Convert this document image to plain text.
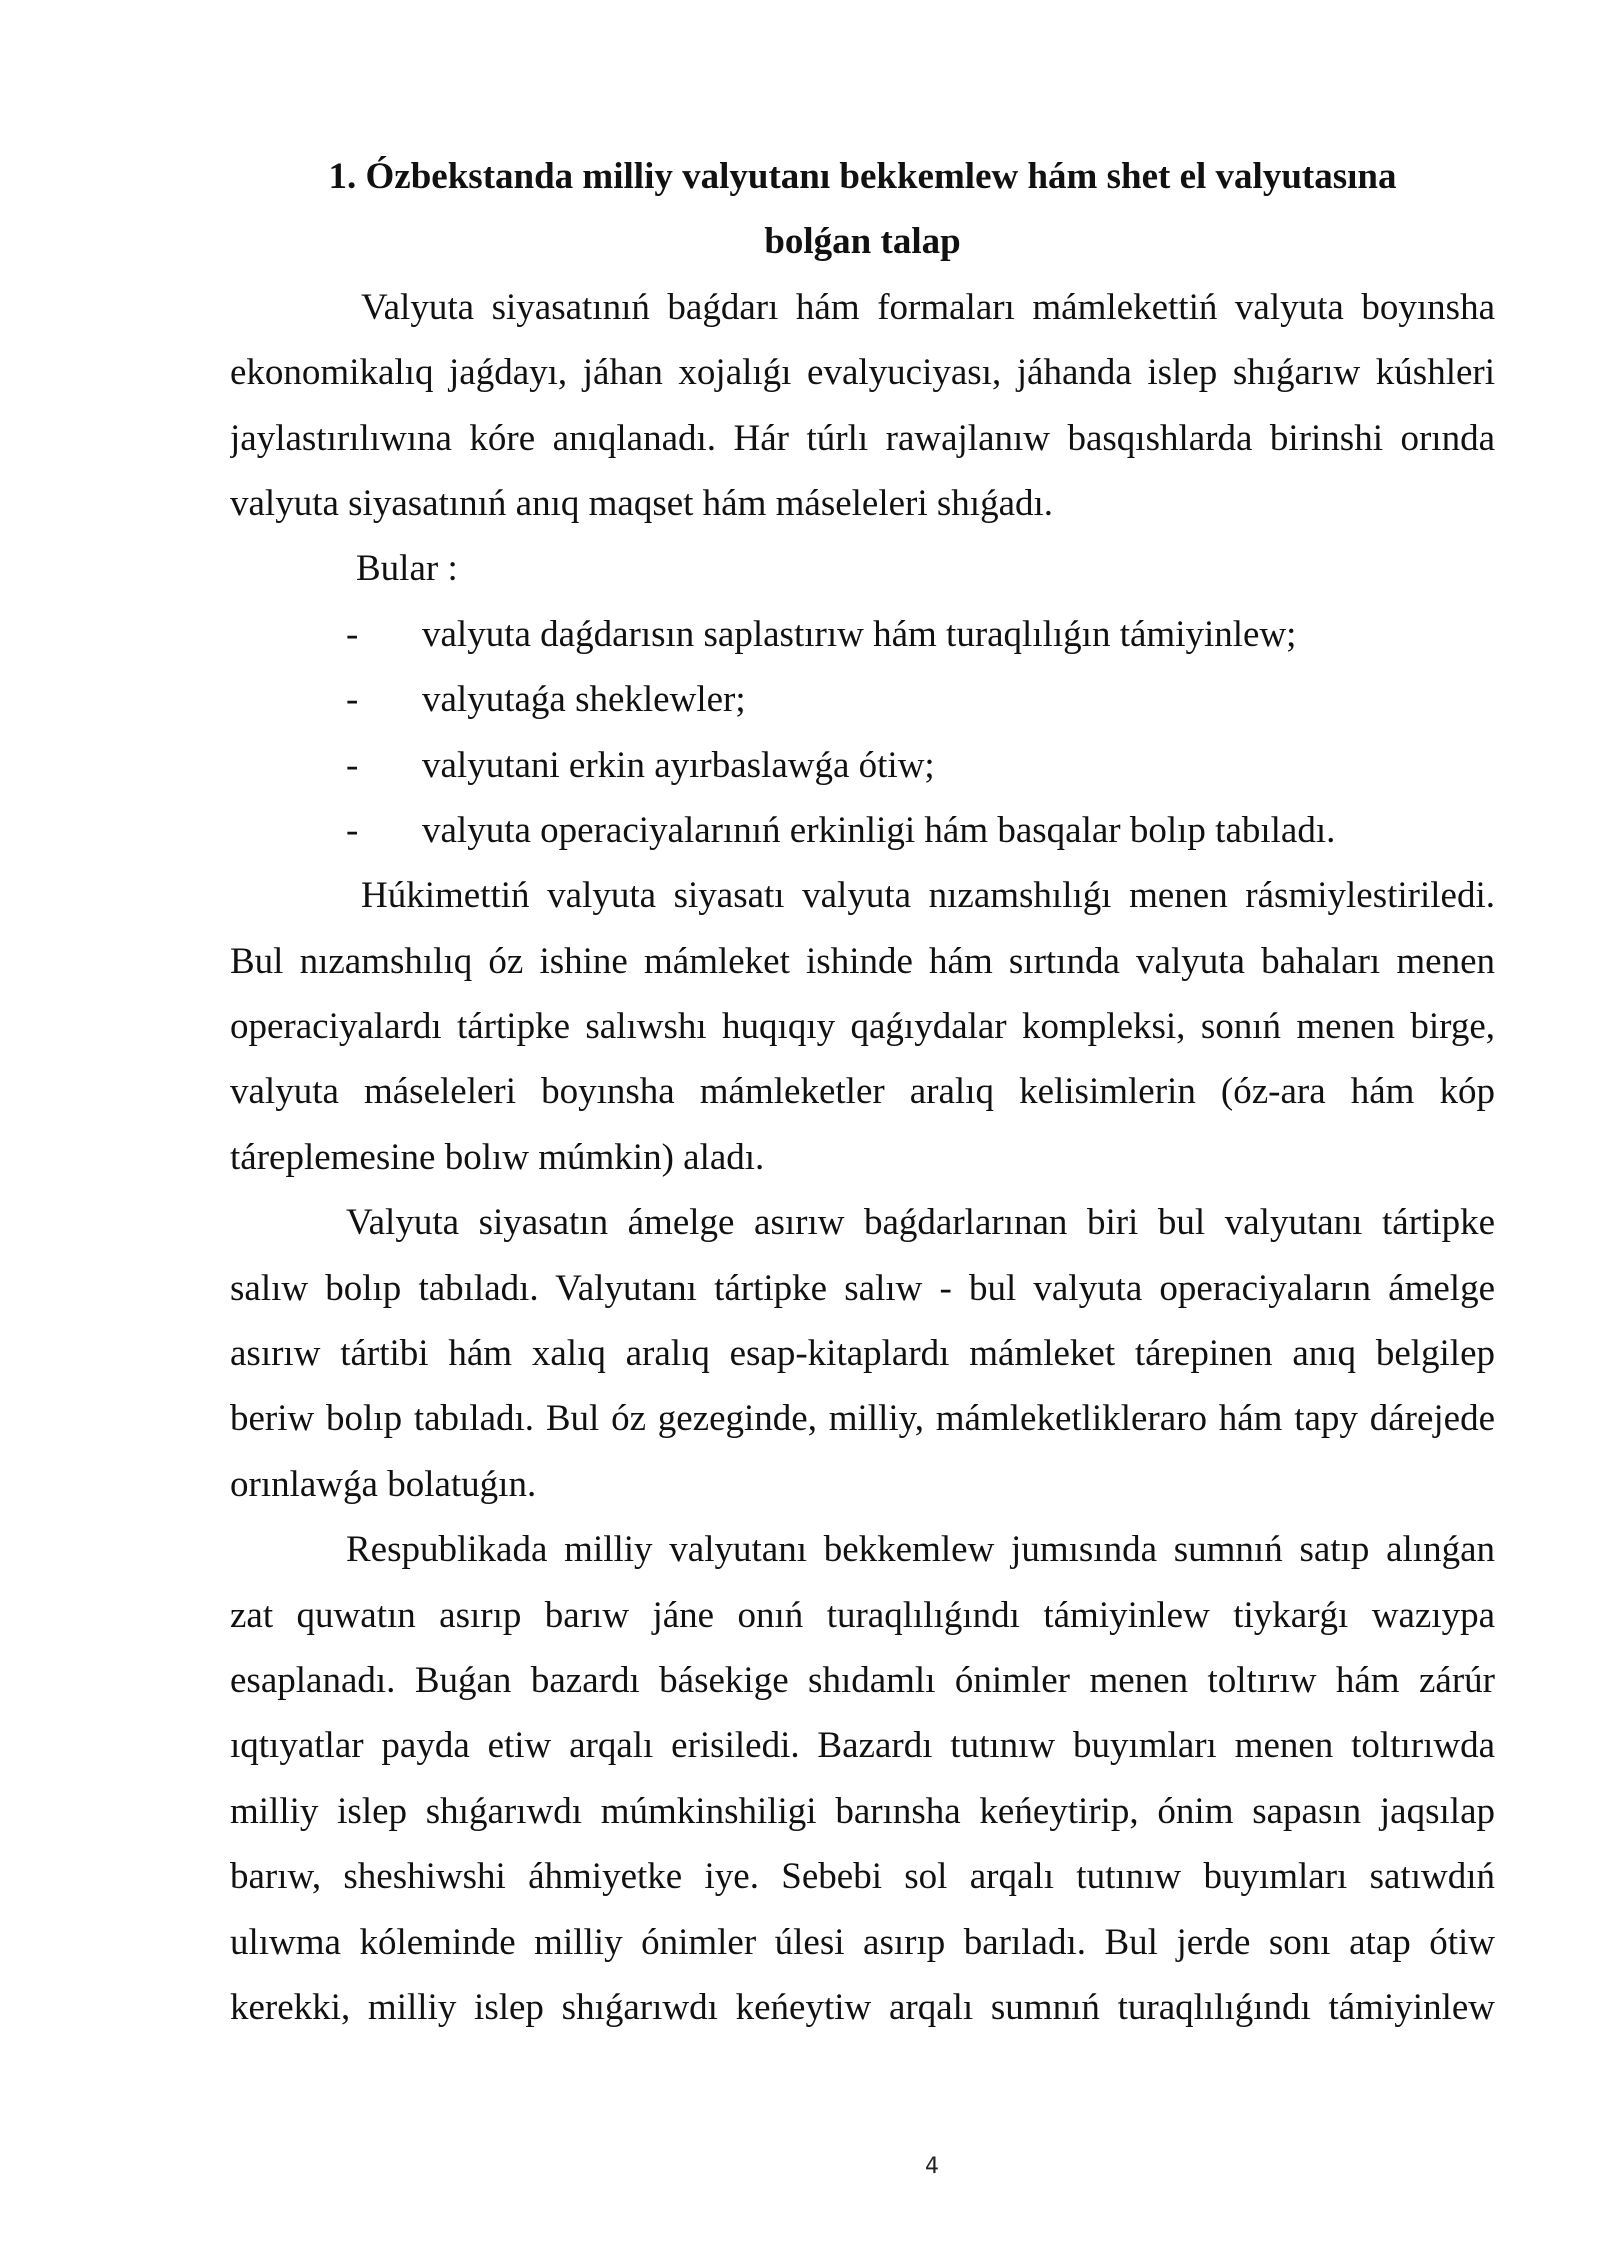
1. Ózbekstanda milliy valyutanı bekkemlew hám shet el valyutasına
bolǵan talap
Valyuta siyasatınıń baǵdarı hám formaları mámlekettiń valyuta boyınsha
ekonomikalıq jaǵdayı, jáhan xojalıǵı evalyuciyası, jáhanda islep shıǵarıw kúshleri
jaylastırılıwına kóre anıqlanadı. Hár túrlı rawajlanıw basqıshlarda birinshi orında
valyuta siyasatınıń anıq maqset hám máseleleri shıǵadı.
Bular :
- valyuta daǵdarısın saplastırıw hám turaqlılıǵın támiyinlew;
- valyutaǵa sheklewler;
- valyutani erkin ayırbaslawǵa ótiw;
- valyuta operaciyalarınıń erkinligi hám basqalar bolıp tabıladı.
Húkimettiń valyuta siyasatı valyuta nızamshılıǵı menen rásmiylestiriledi.
Bul nızamshılıq óz ishine mámleket ishinde hám sırtında valyuta bahaları menen
operaciyalardı tártipke salıwshı huqıqıy qaǵıydalar kompleksi, sonıń menen birge,
valyuta máseleleri boyınsha mámleketler aralıq kelisimlerin (óz-ara hám kóp
táreplemesine bolıw múmkin) aladı.
Valyuta siyasatın ámelge asırıw baǵdarlarınan biri bul valyutanı tártipke
salıw bolıp tabıladı. Valyutanı tártipke salıw - bul valyuta operaciyaların ámelge
asırıw tártibi hám xalıq aralıq esap-kitaplardı mámleket tárepinen anıq belgilep
beriw bolıp tabıladı. Bul óz gezeginde, milliy, mámleketlikleraro hám tapy dárejede
orınlawǵa bolatuǵın.
Respublikada milliy valyutanı bekkemlew jumısında sumnıń satıp alınǵan
zat quwatın asırıp barıw jáne onıń turaqlılıǵındı támiyinlew tiykarǵı wazıypa
esaplanadı. Buǵan bazardı básekige shıdamlı ónimler menen toltırıw hám zárúr
ıqtıyatlar payda etiw arqalı erisiledi. Bazardı tutınıw buyımları menen toltırıwda
milliy islep shıǵarıwdı múmkinshiligi barınsha keńeytirip, ónim sapasın jaqsılap
barıw, sheshiwshi áhmiyetke iye. Sebebi sol arqalı tutınıw buyımları satıwdıń
ulıwma kóleminde milliy ónimler úlesi asırıp barıladı. Bul jerde sonı atap ótiw
kerekki, milliy islep shıǵarıwdı keńeytiw arqalı sumnıń turaqlılıǵındı támiyinlew
4
